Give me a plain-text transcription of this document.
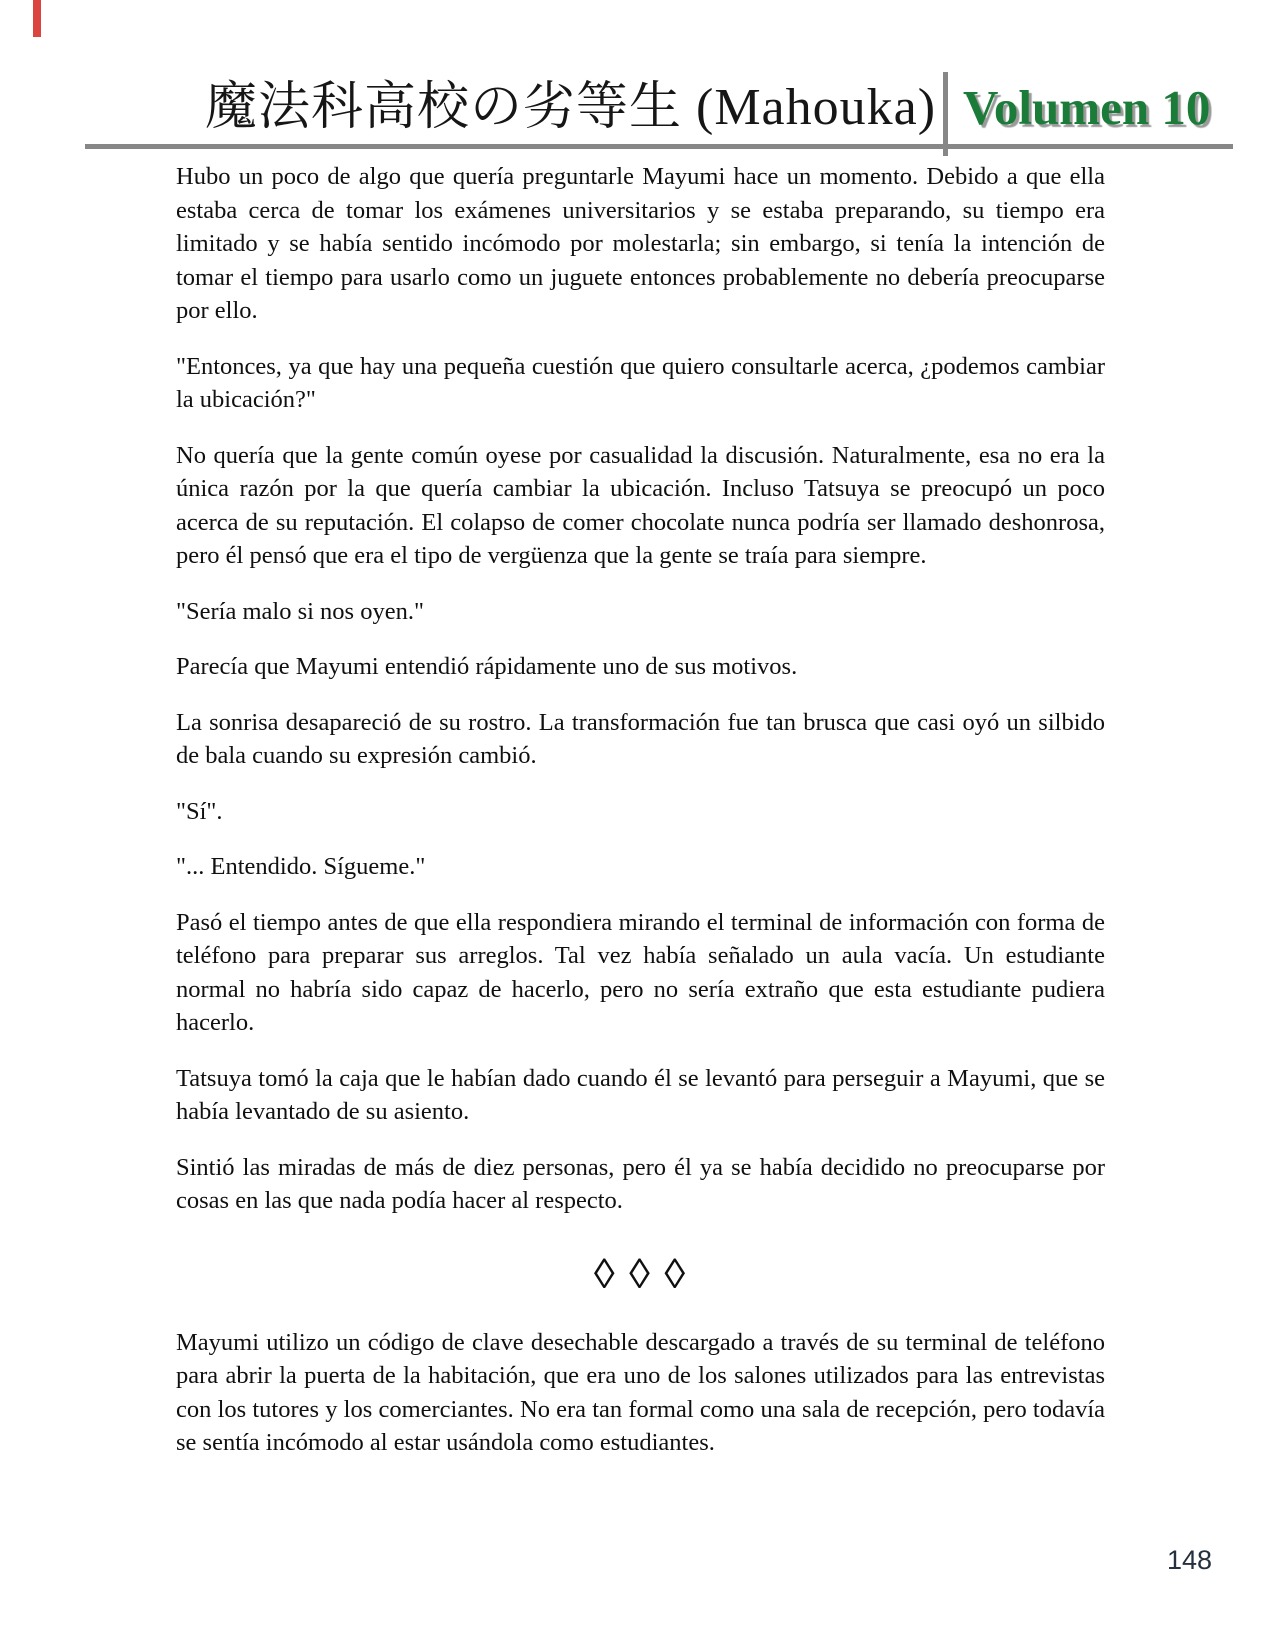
魔法科高校の劣等生 (Mahouka) Volumen 10

Hubo un poco de algo que quería preguntarle Mayumi hace un momento. Debido a que ella estaba cerca de tomar los exámenes universitarios y se estaba preparando, su tiempo era limitado y se había sentido incómodo por molestarla; sin embargo, si tenía la intención de tomar el tiempo para usarlo como un juguete entonces probablemente no debería preocuparse por ello.

"Entonces, ya que hay una pequeña cuestión que quiero consultarle acerca, ¿podemos cambiar la ubicación?"

No quería que la gente común oyese por casualidad la discusión. Naturalmente, esa no era la única razón por la que quería cambiar la ubicación. Incluso Tatsuya se preocupó un poco acerca de su reputación. El colapso de comer chocolate nunca podría ser llamado deshonrosa, pero él pensó que era el tipo de vergüenza que la gente se traía para siempre.

"Sería malo si nos oyen."

Parecía que Mayumi entendió rápidamente uno de sus motivos.

La sonrisa desapareció de su rostro. La transformación fue tan brusca que casi oyó un silbido de bala cuando su expresión cambió.

"Sí".

"... Entendido. Sígueme."

Pasó el tiempo antes de que ella respondiera mirando el terminal de información con forma de teléfono para preparar sus arreglos. Tal vez había señalado un aula vacía. Un estudiante normal no habría sido capaz de hacerlo, pero no sería extraño que esta estudiante pudiera hacerlo.

Tatsuya tomó la caja que le habían dado cuando él se levantó para perseguir a Mayumi, que se había levantado de su asiento.

Sintió las miradas de más de diez personas, pero él ya se había decidido no preocuparse por cosas en las que nada podía hacer al respecto.

◊ ◊ ◊

Mayumi utilizo un código de clave desechable descargado a través de su terminal de teléfono para abrir la puerta de la habitación, que era uno de los salones utilizados para las entrevistas con los tutores y los comerciantes. No era tan formal como una sala de recepción, pero todavía se sentía incómodo al estar usándola como estudiantes.

148
